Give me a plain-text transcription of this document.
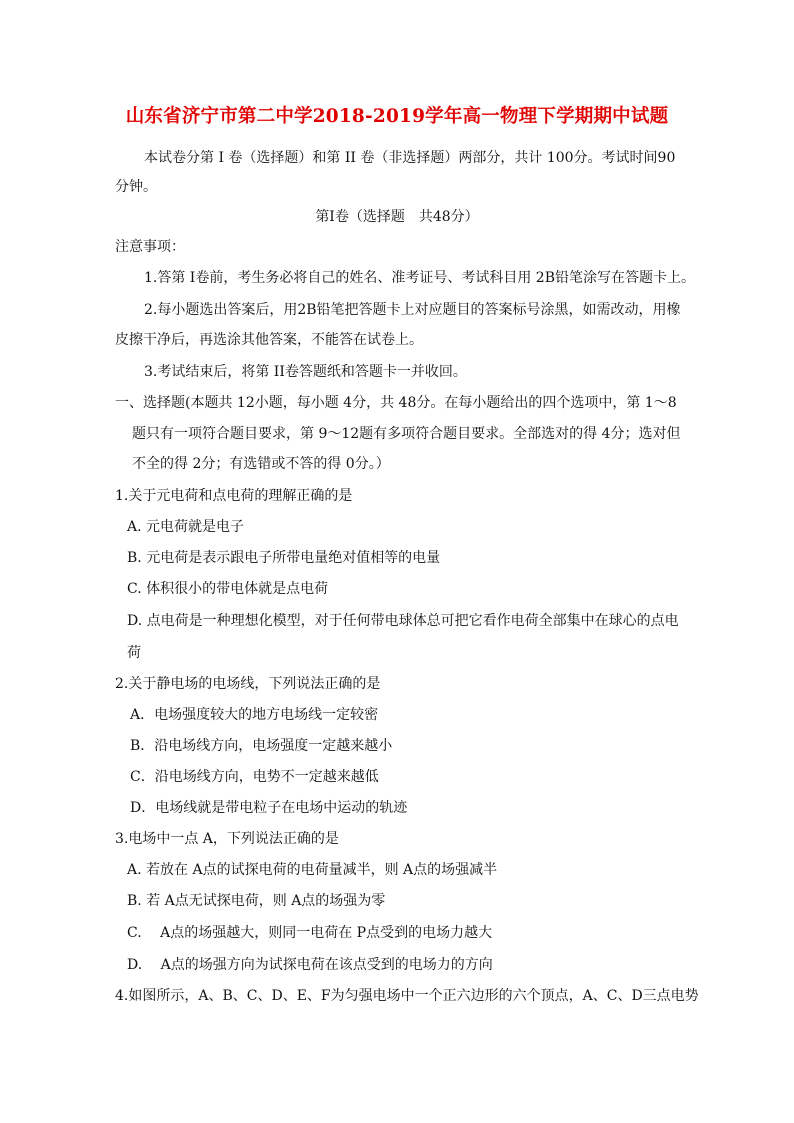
山东省济宁市第二中学2018-2019学年高一物理下学期期中试题
本试卷分第 I 卷（选择题）和第 II 卷（非选择题）两部分，共计 100分。考试时间90
分钟。
第I卷（选择题　共48分）
注意事项：
1.答第 I卷前，考生务必将自己的姓名、准考证号、考试科目用 2B铅笔涂写在答题卡上。
2.每小题选出答案后，用2B铅笔把答题卡上对应题目的答案标号涂黑，如需改动，用橡
皮擦干净后，再选涂其他答案，不能答在试卷上。
3.考试结束后，将第 II卷答题纸和答题卡一并收回。
一、选择题(本题共 12小题，每小题 4分，共 48分。在每小题给出的四个选项中，第 1～8
题只有一项符合题目要求，第 9～12题有多项符合题目要求。全部选对的得 4分；选对但
不全的得 2分；有选错或不答的得 0分。）
1.关于元电荷和点电荷的理解正确的是
A. 元电荷就是电子
B. 元电荷是表示跟电子所带电量绝对值相等的电量
C. 体积很小的带电体就是点电荷
D. 点电荷是一种理想化模型，对于任何带电球体总可把它看作电荷全部集中在球心的点电
荷
2.关于静电场的电场线，下列说法正确的是
A．电场强度较大的地方电场线一定较密
B．沿电场线方向，电场强度一定越来越小
C．沿电场线方向，电势不一定越来越低
D．电场线就是带电粒子在电场中运动的轨迹
3.电场中一点 A，下列说法正确的是
A. 若放在 A点的试探电荷的电荷量减半，则 A点的场强减半
B. 若 A点无试探电荷，则 A点的场强为零
C.　 A点的场强越大，则同一电荷在 P点受到的电场力越大
D.　 A点的场强方向为试探电荷在该点受到的电场力的方向
4.如图所示，A、B、C、D、E、F为匀强电场中一个正六边形的六个顶点，A、C、D三点电势
